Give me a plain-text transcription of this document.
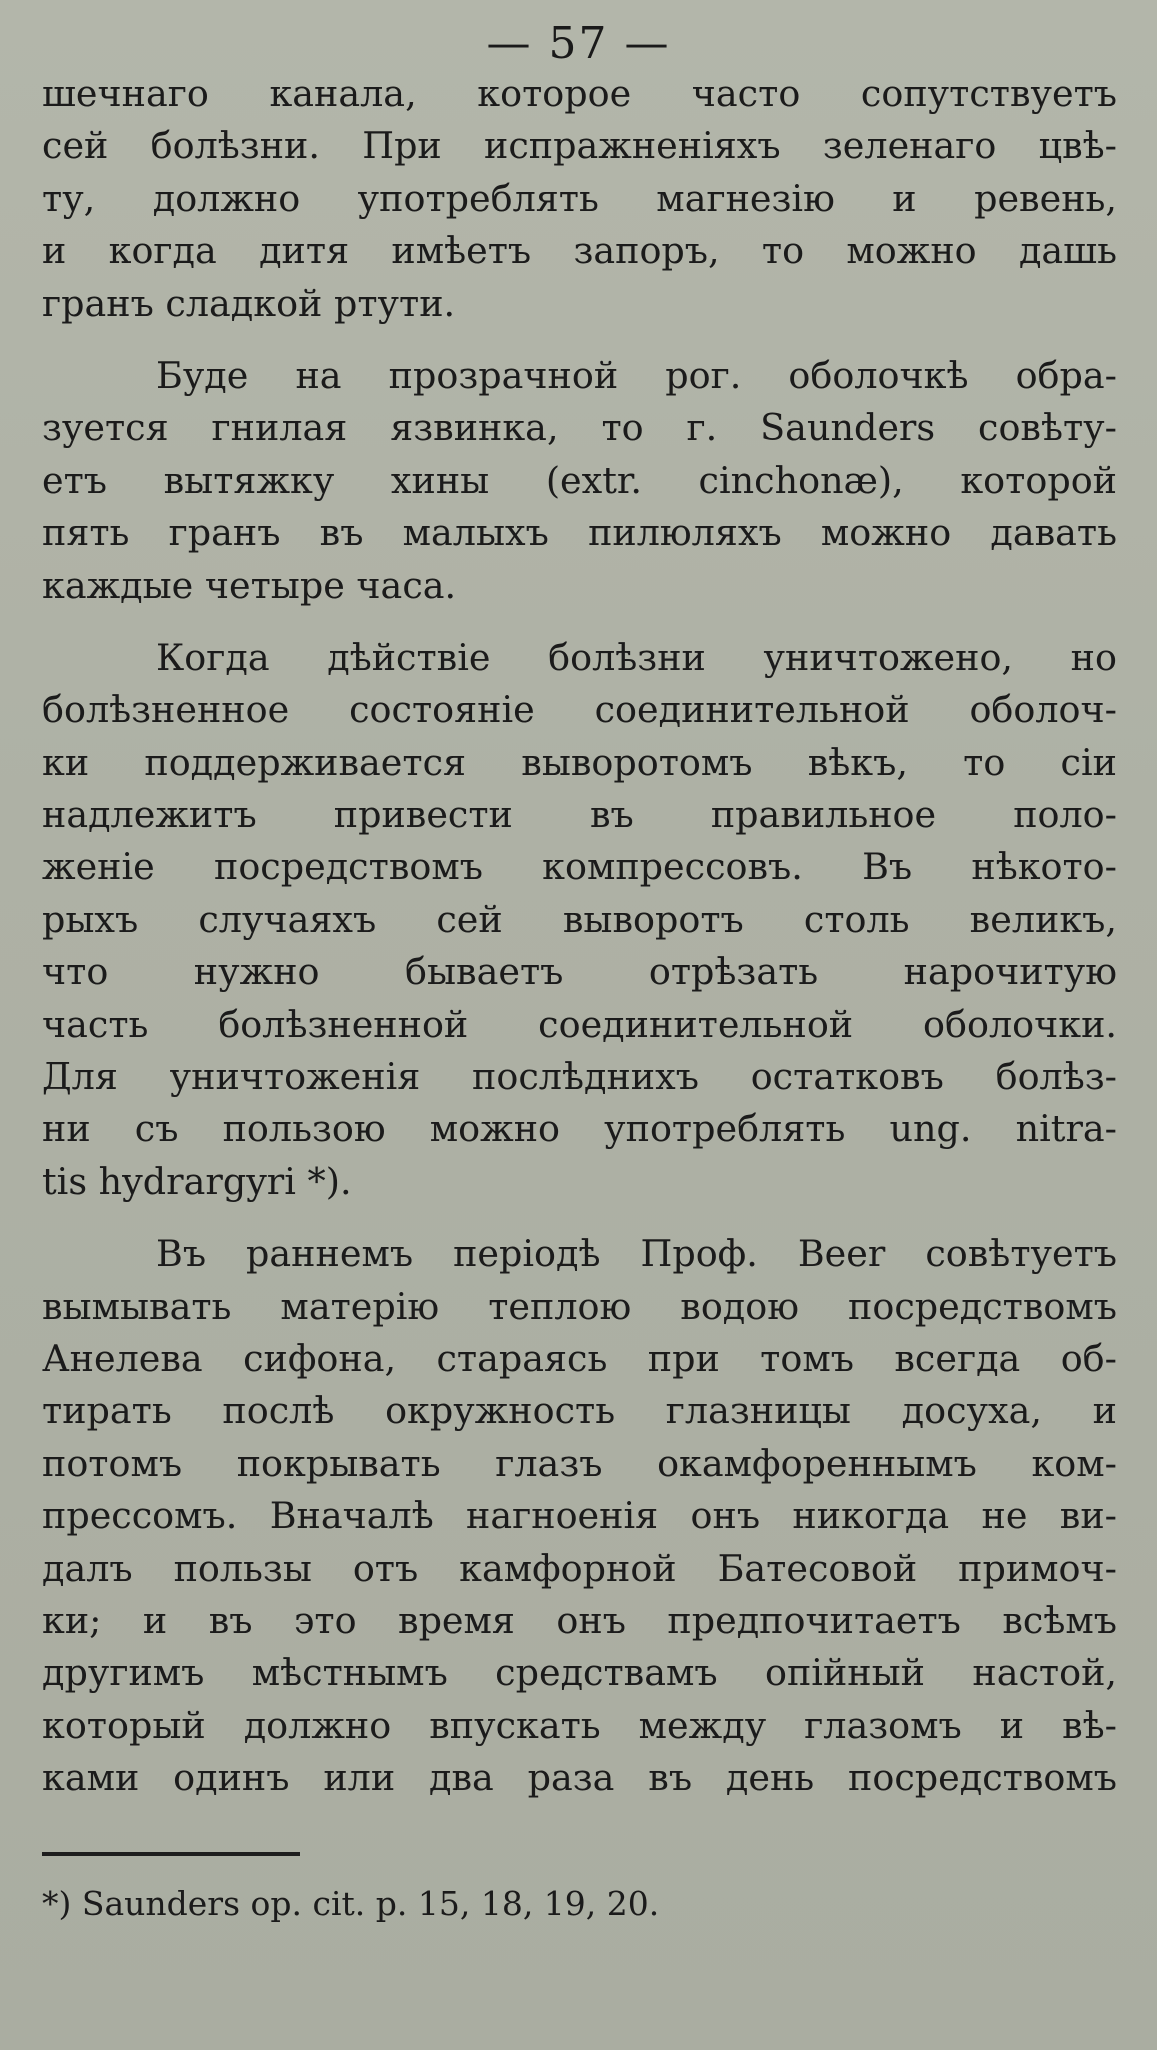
— 57 —
шечнаго канала, которое часто сопутствуетъ
сей болѣзни. При испражненіяхъ зеленаго цвѣ-
ту, должно употреблять магнезію и ревень,
и когда дитя имѣетъ запоръ, то можно дашь
гранъ сладкой ртути.
Буде на прозрачной рог. оболочкѣ обра-
зуется гнилая язвинка, то г. Saunders совѣту-
етъ вытяжку хины (extr. cinchonæ), которой
пять гранъ въ малыхъ пилюляхъ можно давать
каждые четыре часа.
Когда дѣйствіе болѣзни уничтожено, но
болѣзненное состояніе соединительной оболоч-
ки поддерживается выворотомъ вѣкъ, то сіи
надлежитъ привести въ правильное поло-
женіе посредствомъ компрессовъ. Въ нѣкото-
рыхъ случаяхъ сей выворотъ столь великъ,
что нужно бываетъ отрѣзать нарочитую
часть болѣзненной соединительной оболочки.
Для уничтоженія послѣднихъ остатковъ болѣз-
ни съ пользою можно употреблять ung. nitra-
tis hydrargyri *).
Въ раннемъ періодѣ Проф. Beer совѣтуетъ
вымывать матерію теплою водою посредствомъ
Анелева сифона, стараясь при томъ всегда об-
тирать послѣ окружность глазницы досуха, и
потомъ покрывать глазъ окамфореннымъ ком-
прессомъ. Вначалѣ нагноенія онъ никогда не ви-
далъ пользы отъ камфорной Батесовой примоч-
ки; и въ это время онъ предпочитаетъ всѣмъ
другимъ мѣстнымъ средствамъ опійный настой,
который должно впускать между глазомъ и вѣ-
ками одинъ или два раза въ день посредствомъ
*) Saunders op. cit. p. 15, 18, 19, 20.
